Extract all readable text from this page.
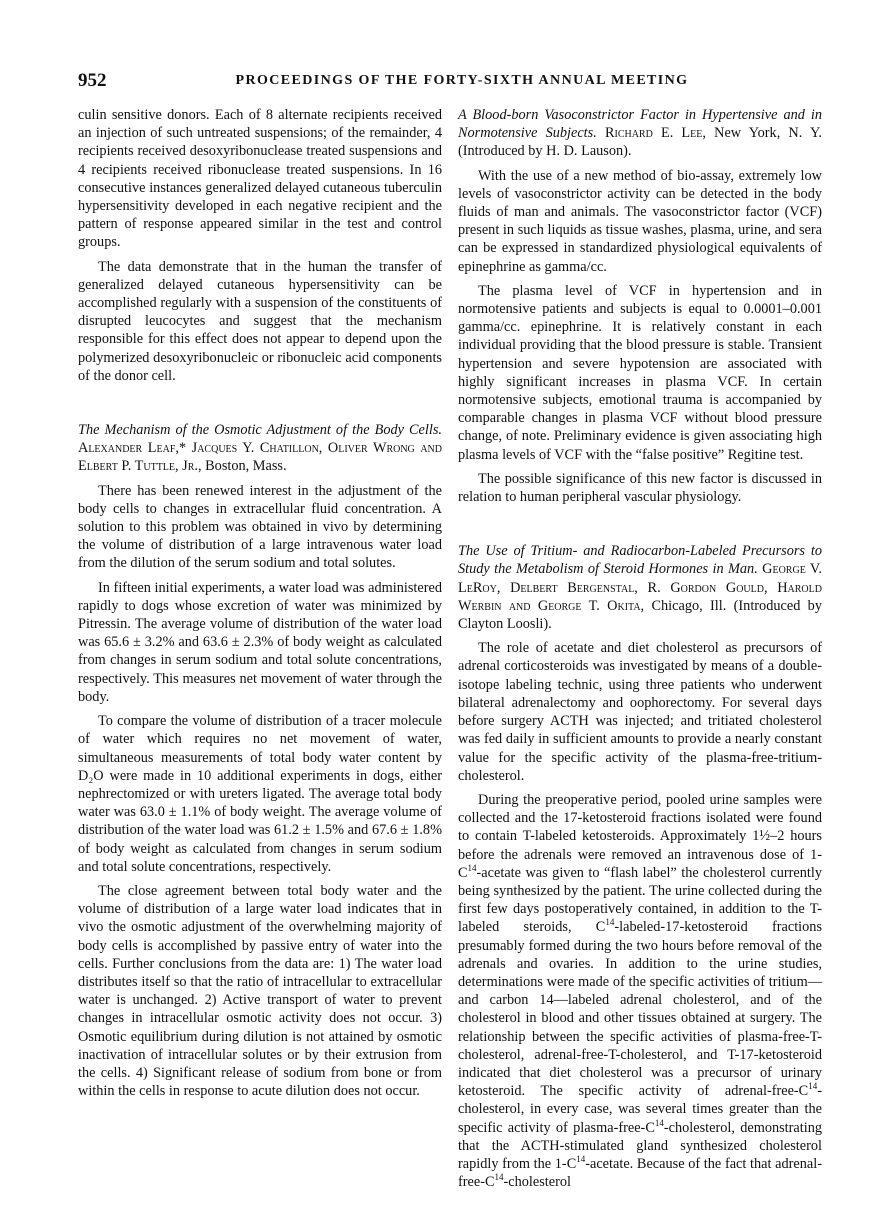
952	PROCEEDINGS OF THE FORTY-SIXTH ANNUAL MEETING

culin sensitive donors. Each of 8 alternate recipients received an injection of such untreated suspensions; of the remainder, 4 recipients received desoxyribonuclease treated suspensions and 4 recipients received ribonuclease treated suspensions. In 16 consecutive instances generalized delayed cutaneous tuberculin hypersensitivity developed in each negative recipient and the pattern of response appeared similar in the test and control groups.

The data demonstrate that in the human the transfer of generalized delayed cutaneous hypersensitivity can be accomplished regularly with a suspension of the constituents of disrupted leucocytes and suggest that the mechanism responsible for this effect does not appear to depend upon the polymerized desoxyribonucleic or ribonucleic acid components of the donor cell.

The Mechanism of the Osmotic Adjustment of the Body Cells. Alexander Leaf,* Jacques Y. Chatillon, Oliver Wrong and Elbert P. Tuttle, Jr., Boston, Mass.

There has been renewed interest in the adjustment of the body cells to changes in extracellular fluid concentration. A solution to this problem was obtained in vivo by determining the volume of distribution of a large intravenous water load from the dilution of the serum sodium and total solutes.

In fifteen initial experiments, a water load was administered rapidly to dogs whose excretion of water was minimized by Pitressin. The average volume of distribution of the water load was 65.6 ± 3.2% and 63.6 ± 2.3% of body weight as calculated from changes in serum sodium and total solute concentrations, respectively. This measures net movement of water through the body.

To compare the volume of distribution of a tracer molecule of water which requires no net movement of water, simultaneous measurements of total body water content by D₂O were made in 10 additional experiments in dogs, either nephrectomized or with ureters ligated. The average total body water was 63.0 ± 1.1% of body weight. The average volume of distribution of the water load was 61.2 ± 1.5% and 67.6 ± 1.8% of body weight as calculated from changes in serum sodium and total solute concentrations, respectively.

The close agreement between total body water and the volume of distribution of a large water load indicates that in vivo the osmotic adjustment of the overwhelming majority of body cells is accomplished by passive entry of water into the cells. Further conclusions from the data are: 1) The water load distributes itself so that the ratio of intracellular to extracellular water is unchanged. 2) Active transport of water to prevent changes in intracellular osmotic activity does not occur. 3) Osmotic equilibrium during dilution is not attained by osmotic inactivation of intracellular solutes or by their extrusion from the cells. 4) Significant release of sodium from bone or from within the cells in response to acute dilution does not occur.

A Blood-born Vasoconstrictor Factor in Hypertensive and in Normotensive Subjects. Richard E. Lee, New York, N. Y. (Introduced by H. D. Lauson).

With the use of a new method of bio-assay, extremely low levels of vasoconstrictor activity can be detected in the body fluids of man and animals. The vasoconstrictor factor (VCF) present in such liquids as tissue washes, plasma, urine, and sera can be expressed in standardized physiological equivalents of epinephrine as gamma/cc.

The plasma level of VCF in hypertension and in normotensive patients and subjects is equal to 0.0001–0.001 gamma/cc. epinephrine. It is relatively constant in each individual providing that the blood pressure is stable. Transient hypertension and severe hypotension are associated with highly significant increases in plasma VCF. In certain normotensive subjects, emotional trauma is accompanied by comparable changes in plasma VCF without blood pressure change, of note. Preliminary evidence is given associating high plasma levels of VCF with the “false positive” Regitine test.

The possible significance of this new factor is discussed in relation to human peripheral vascular physiology.

The Use of Tritium- and Radiocarbon-Labeled Precursors to Study the Metabolism of Steroid Hormones in Man. George V. LeRoy, Delbert Bergenstal, R. Gordon Gould, Harold Werbin and George T. Okita, Chicago, Ill. (Introduced by Clayton Loosli).

The role of acetate and diet cholesterol as precursors of adrenal corticosteroids was investigated by means of a double-isotope labeling technic, using three patients who underwent bilateral adrenalectomy and oophorectomy. For several days before surgery ACTH was injected; and tritiated cholesterol was fed daily in sufficient amounts to provide a nearly constant value for the specific activity of the plasma-free-tritium-cholesterol.

During the preoperative period, pooled urine samples were collected and the 17-ketosteroid fractions isolated were found to contain T-labeled ketosteroids. Approximately 1½–2 hours before the adrenals were removed an intravenous dose of $1-C^{14}$-acetate was given to “flash label” the cholesterol currently being synthesized by the patient. The urine collected during the first few days postoperatively contained, in addition to the T-labeled steroids, $C^{14}-labeled-17$-ketosteroid fractions presumably formed during the two hours before removal of the adrenals and ovaries. In addition to the urine studies, determinations were made of the specific activities of tritium—and carbon 14—labeled adrenal cholesterol, and of the cholesterol in blood and other tissues obtained at surgery. The relationship between the specific activities of plasma-free-T-cholesterol, adrenal-free-T-cholesterol, and T-17-ketosteroid indicated that diet cholesterol was a precursor of urinary ketosteroid. The specific activity of adrenal-$free-C^{14}$-cholesterol, in every case, was several times greater than the specific activity of plasma-$free-C^{14}$-cholesterol, demonstrating that the ACTH-stimulated gland synthesized cholesterol rapidly from the $1-C^{14}$-acetate. Because of the fact that adrenal-$free-C^{14}$-cholesterol
